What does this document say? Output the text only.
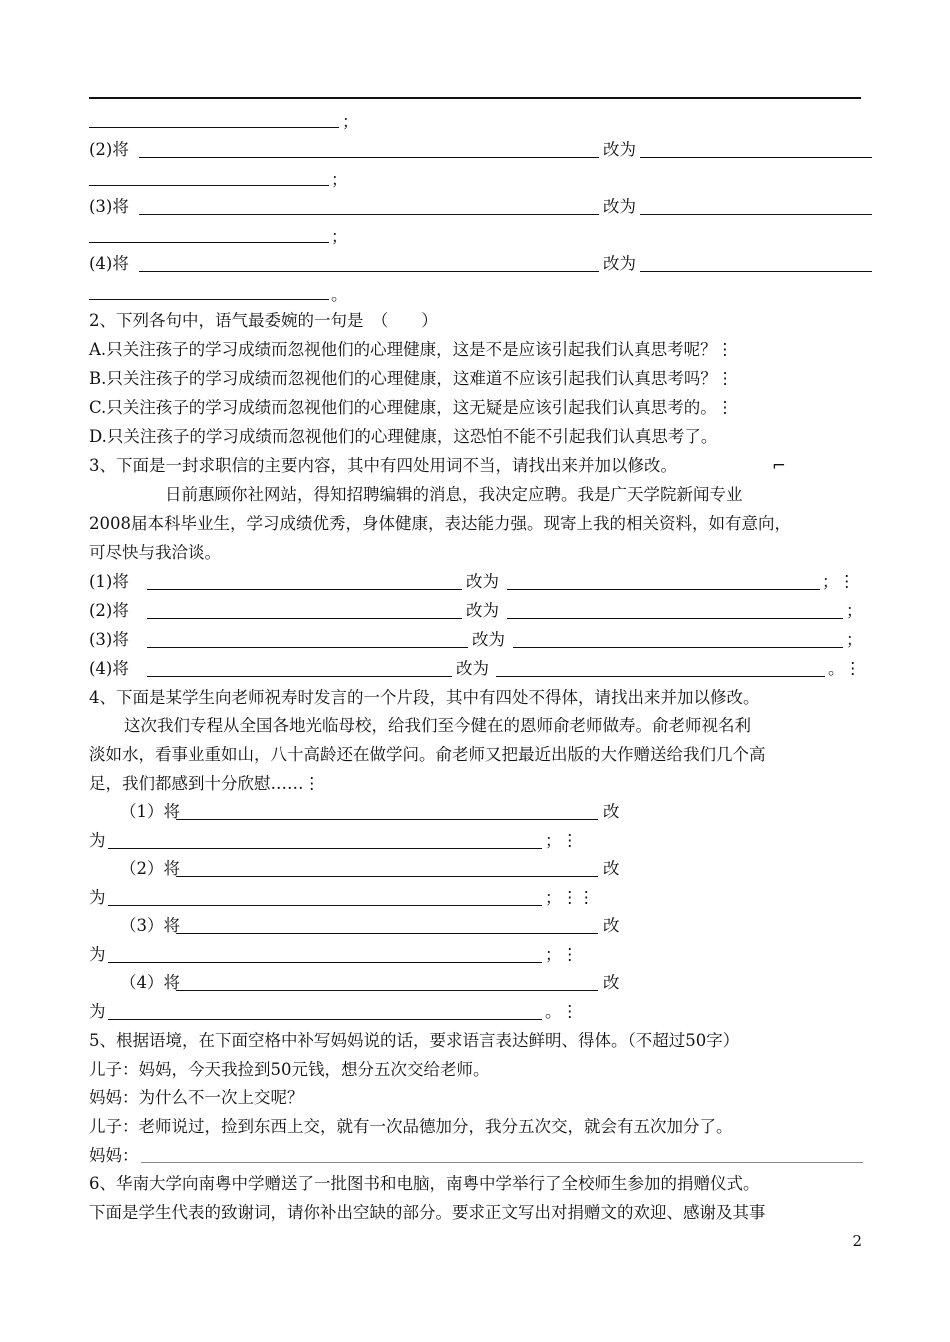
；
(2)将	改为
；
(3)将	改为
；
(4)将	改为
。
2、下列各句中，语气最委婉的一句是　（　　）
A.只关注孩子的学习成绩而忽视他们的心理健康，这是不是应该引起我们认真思考呢？⋮
B.只关注孩子的学习成绩而忽视他们的心理健康，这难道不应该引起我们认真思考吗？⋮
C.只关注孩子的学习成绩而忽视他们的心理健康，这无疑是应该引起我们认真思考的。⋮
D.只关注孩子的学习成绩而忽视他们的心理健康，这恐怕不能不引起我们认真思考了。
3、下面是一封求职信的主要内容，其中有四处用词不当，请找出来并加以修改。	⌐
日前惠顾你社网站，得知招聘编辑的消息，我决定应聘。我是广天学院新闻专业
2008届本科毕业生，学习成绩优秀，身体健康，表达能力强。现寄上我的相关资料，如有意向，
可尽快与我洽谈。
(1)将	改为	；⋮
(2)将	改为	；
(3)将	改为	；
(4)将	改为	。⋮
4、下面是某学生向老师祝寿时发言的一个片段，其中有四处不得体，请找出来并加以修改。
这次我们专程从全国各地光临母校，给我们至今健在的恩师俞老师做寿。俞老师视名利
淡如水，看事业重如山，八十高龄还在做学问。俞老师又把最近出版的大作赠送给我们几个高
足，我们都感到十分欣慰……⋮
（1）将	改
为	；⋮
（2）将	改
为	；⋮⋮
（3）将	改
为	；⋮
（4）将	改
为	。⋮
5、根据语境，在下面空格中补写妈妈说的话，要求语言表达鲜明、得体。（不超过50字）
儿子：妈妈，今天我捡到50元钱，想分五次交给老师。
妈妈：为什么不一次上交呢？
儿子：老师说过，捡到东西上交，就有一次品德加分，我分五次交，就会有五次加分了。
妈妈：
6、华南大学向南粤中学赠送了一批图书和电脑，南粤中学举行了全校师生参加的捐赠仪式。
下面是学生代表的致谢词，请你补出空缺的部分。要求正文写出对捐赠文的欢迎、感谢及其事
2
